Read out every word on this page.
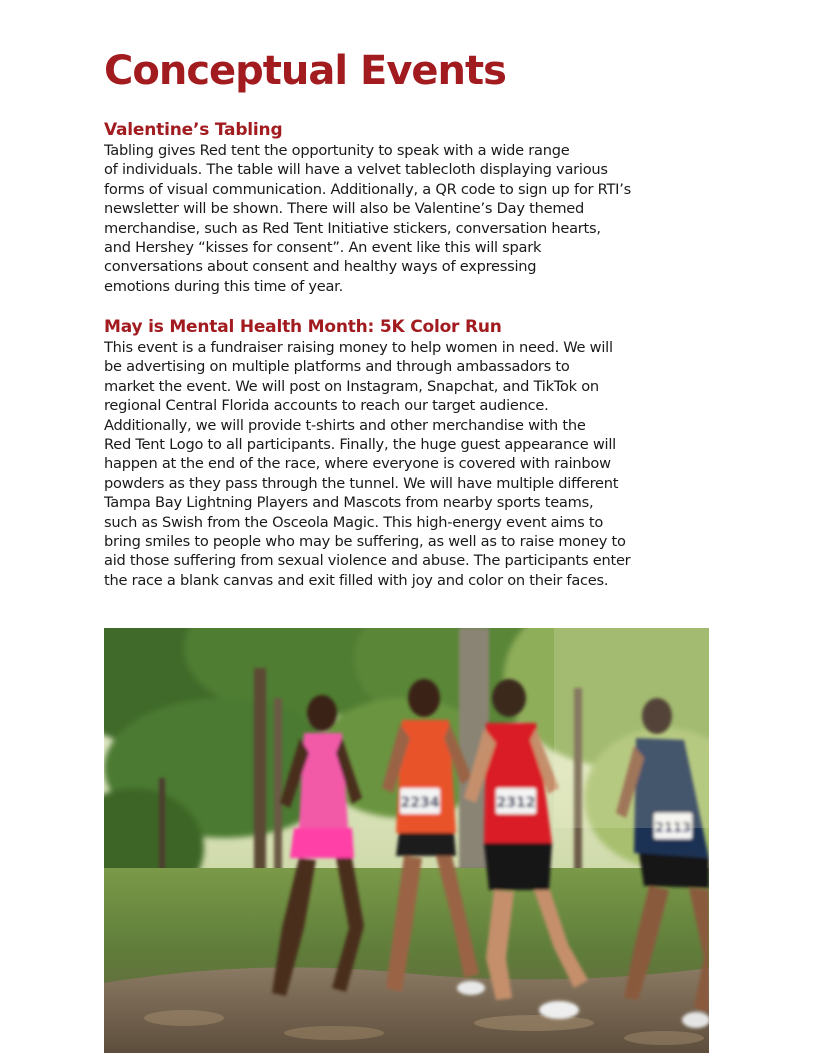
Conceptual Events
Valentine’s Tabling

Tabling gives Red tent the opportunity to speak with a wide range
of individuals. The table will have a velvet tablecloth displaying various
forms of visual communication. Additionally, a QR code to sign up for RTI’s
newsletter will be shown. There will also be Valentine’s Day themed
merchandise, such as Red Tent Initiative stickers, conversation hearts,
and Hershey “kisses for consent”. An event like this will spark
conversations about consent and healthy ways of expressing
emotions during this time of year.

May is Mental Health Month: 5K Color Run

This event is a fundraiser raising money to help women in need. We will
be advertising on multiple platforms and through ambassadors to
market the event. We will post on Instagram, Snapchat, and TikTok on
regional Central Florida accounts to reach our target audience.
Additionally, we will provide t-shirts and other merchandise with the
Red Tent Logo to all participants. Finally, the huge guest appearance will
happen at the end of the race, where everyone is covered with rainbow
powders as they pass through the tunnel. We will have multiple different
Tampa Bay Lightning Players and Mascots from nearby sports teams,
such as Swish from the Osceola Magic. This high-energy event aims to
bring smiles to people who may be suffering, as well as to raise money to
aid those suffering from sexual violence and abuse. The participants enter
the race a blank canvas and exit filled with joy and color on their faces.

2234	2312
2113
